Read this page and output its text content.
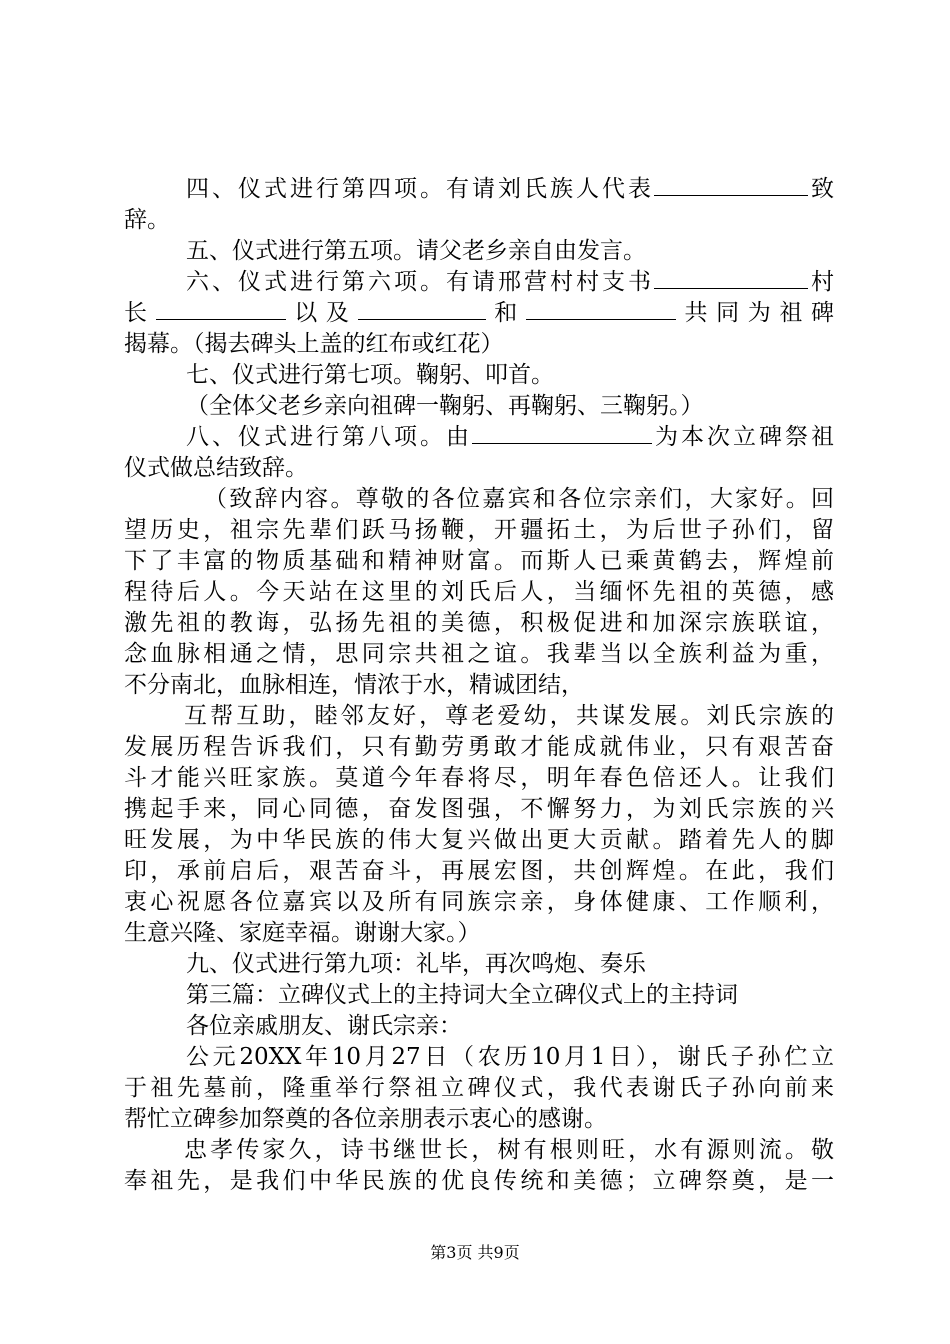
四、仪式进行第四项。有请刘氏族人代表	致
辞。
五、仪式进行第五项。请父老乡亲自由发言。
六、仪式进行第六项。有请邢营村村支书	村
长	以及	和	共同为祖碑
揭幕。（揭去碑头上盖的红布或红花）
七、仪式进行第七项。鞠躬、叩首。
（全体父老乡亲向祖碑一鞠躬、再鞠躬、三鞠躬。）
八、仪式进行第八项。由	为本次立碑祭祖
仪式做总结致辞。
（致辞内容。尊敬的各位嘉宾和各位宗亲们，大家好。回
望历史，祖宗先辈们跃马扬鞭，开疆拓土，为后世子孙们，留
下了丰富的物质基础和精神财富。而斯人已乘黄鹤去，辉煌前
程待后人。今天站在这里的刘氏后人，当缅怀先祖的英德，感
激先祖的教诲，弘扬先祖的美德，积极促进和加深宗族联谊，
念血脉相通之情，思同宗共祖之谊。我辈当以全族利益为重，
不分南北，血脉相连，情浓于水，精诚团结，
互帮互助，睦邻友好，尊老爱幼，共谋发展。刘氏宗族的
发展历程告诉我们，只有勤劳勇敢才能成就伟业，只有艰苦奋
斗才能兴旺家族。莫道今年春将尽，明年春色倍还人。让我们
携起手来，同心同德，奋发图强，不懈努力，为刘氏宗族的兴
旺发展，为中华民族的伟大复兴做出更大贡献。踏着先人的脚
印，承前启后，艰苦奋斗，再展宏图，共创辉煌。在此，我们
衷心祝愿各位嘉宾以及所有同族宗亲，身体健康、工作顺利，
生意兴隆、家庭幸福。谢谢大家。）
九、仪式进行第九项：礼毕，再次鸣炮、奏乐
第三篇：立碑仪式上的主持词大全立碑仪式上的主持词
各位亲戚朋友、谢氏宗亲：
公元20XX年10月27日（农历10月1日），谢氏子孙伫立
于祖先墓前，隆重举行祭祖立碑仪式，我代表谢氏子孙向前来
帮忙立碑参加祭奠的各位亲朋表示衷心的感谢。
忠孝传家久，诗书继世长，树有根则旺，水有源则流。敬
奉祖先，是我们中华民族的优良传统和美德；立碑祭奠，是一
第3页 共9页
